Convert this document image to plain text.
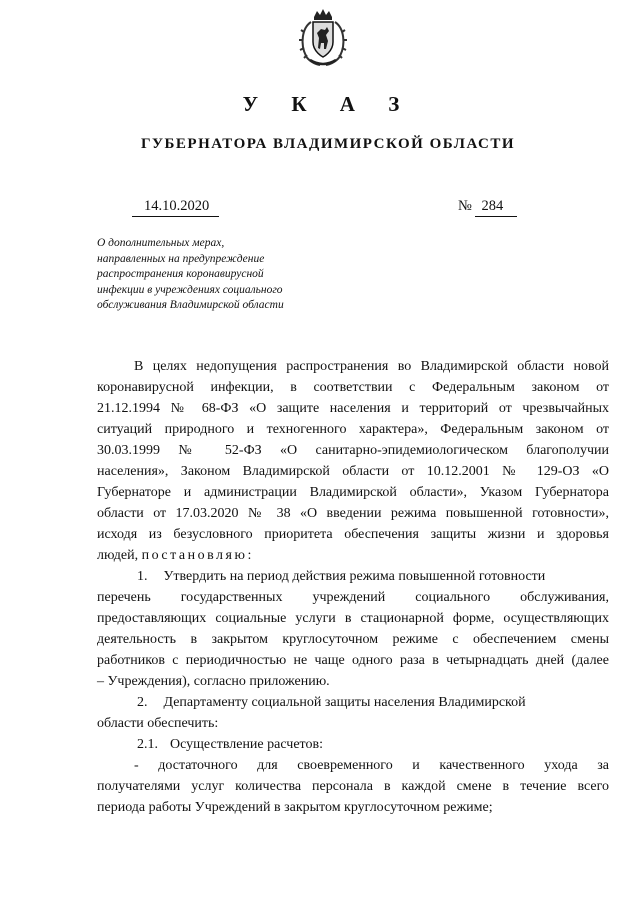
У К А З
ГУБЕРНАТОРА ВЛАДИМИРСКОЙ ОБЛАСТИ
14.10.2020	№ 284
О дополнительных мерах,
направленных на предупреждение
распространения коронавирусной
инфекции в учреждениях социального
обслуживания Владимирской области
В целях недопущения распространения во Владимирской области новой
коронавирусной инфекции, в соответствии с Федеральным законом от
21.12.1994 № 68-ФЗ «О защите населения и территорий от чрезвычайных
ситуаций природного и техногенного характера», Федеральным законом от
30.03.1999 № 52-ФЗ «О санитарно-эпидемиологическом благополучии
населения», Законом Владимирской области от 10.12.2001 № 129-ОЗ «О
Губернаторе и администрации Владимирской области», Указом Губернатора
области от 17.03.2020 № 38 «О введении режима повышенной готовности»,
исходя из безусловного приоритета обеспечения защиты жизни и здоровья
людей, постановляю:
1. Утвердить на период действия режима повышенной готовности
перечень государственных учреждений социального обслуживания,
предоставляющих социальные услуги в стационарной форме, осуществляющих
деятельность в закрытом круглосуточном режиме с обеспечением смены
работников с периодичностью не чаще одного раза в четырнадцать дней (далее
– Учреждения), согласно приложению.
2. Департаменту социальной защиты населения Владимирской
области обеспечить:
2.1. Осуществление расчетов:
- достаточного для своевременного и качественного ухода за
получателями услуг количества персонала в каждой смене в течение всего
периода работы Учреждений в закрытом круглосуточном режиме;
